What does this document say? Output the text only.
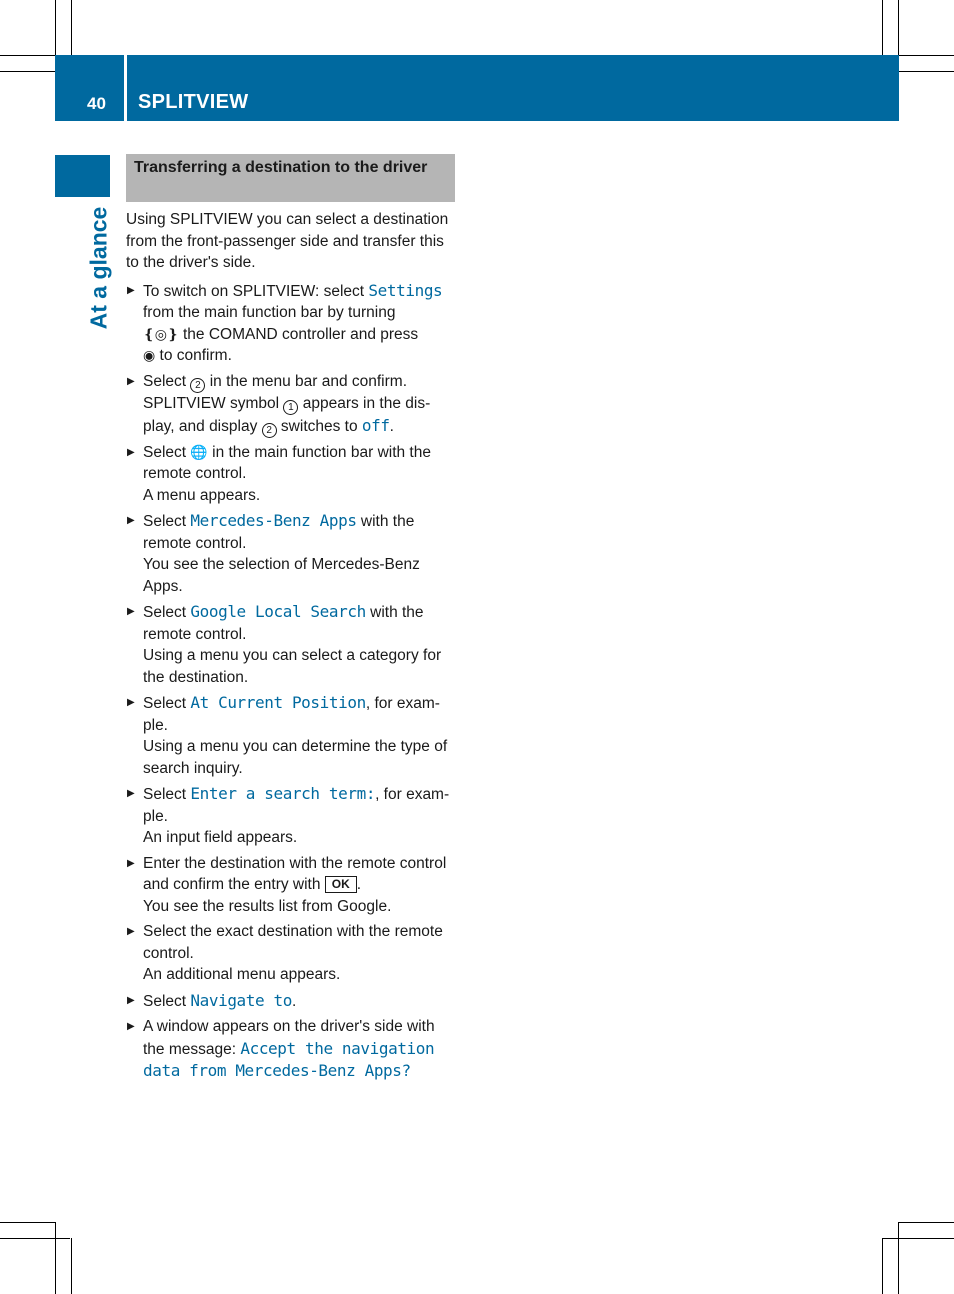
40 SPLITVIEW
At a glance
Transferring a destination to the driver

Using SPLITVIEW you can select a destination from the front-passenger side and transfer this to the driver's side.

▶ To switch on SPLITVIEW: select Settings from the main function bar by turning
❴◎❵ the COMAND controller and press
◉ to confirm.
▶ Select 2 in the menu bar and confirm. SPLITVIEW symbol 1 appears in the dis-play, and display 2 switches to off.
▶ Select 🌐 in the main function bar with the remote control.
A menu appears.
▶ Select Mercedes-Benz Apps with the remote control.
You see the selection of Mercedes-Benz Apps.
▶ Select Google Local Search with the remote control.
Using a menu you can select a category for the destination.
▶ Select At Current Position, for exam-ple.
Using a menu you can determine the type of search inquiry.
▶ Select Enter a search term:, for exam-ple.
An input field appears.
▶ Enter the destination with the remote control and confirm the entry with OK .
You see the results list from Google.
▶ Select the exact destination with the remote control.
An additional menu appears.
▶ Select Navigate to.
▶ A window appears on the driver's side with the message: Accept the navigation data from Mercedes-Benz Apps?
